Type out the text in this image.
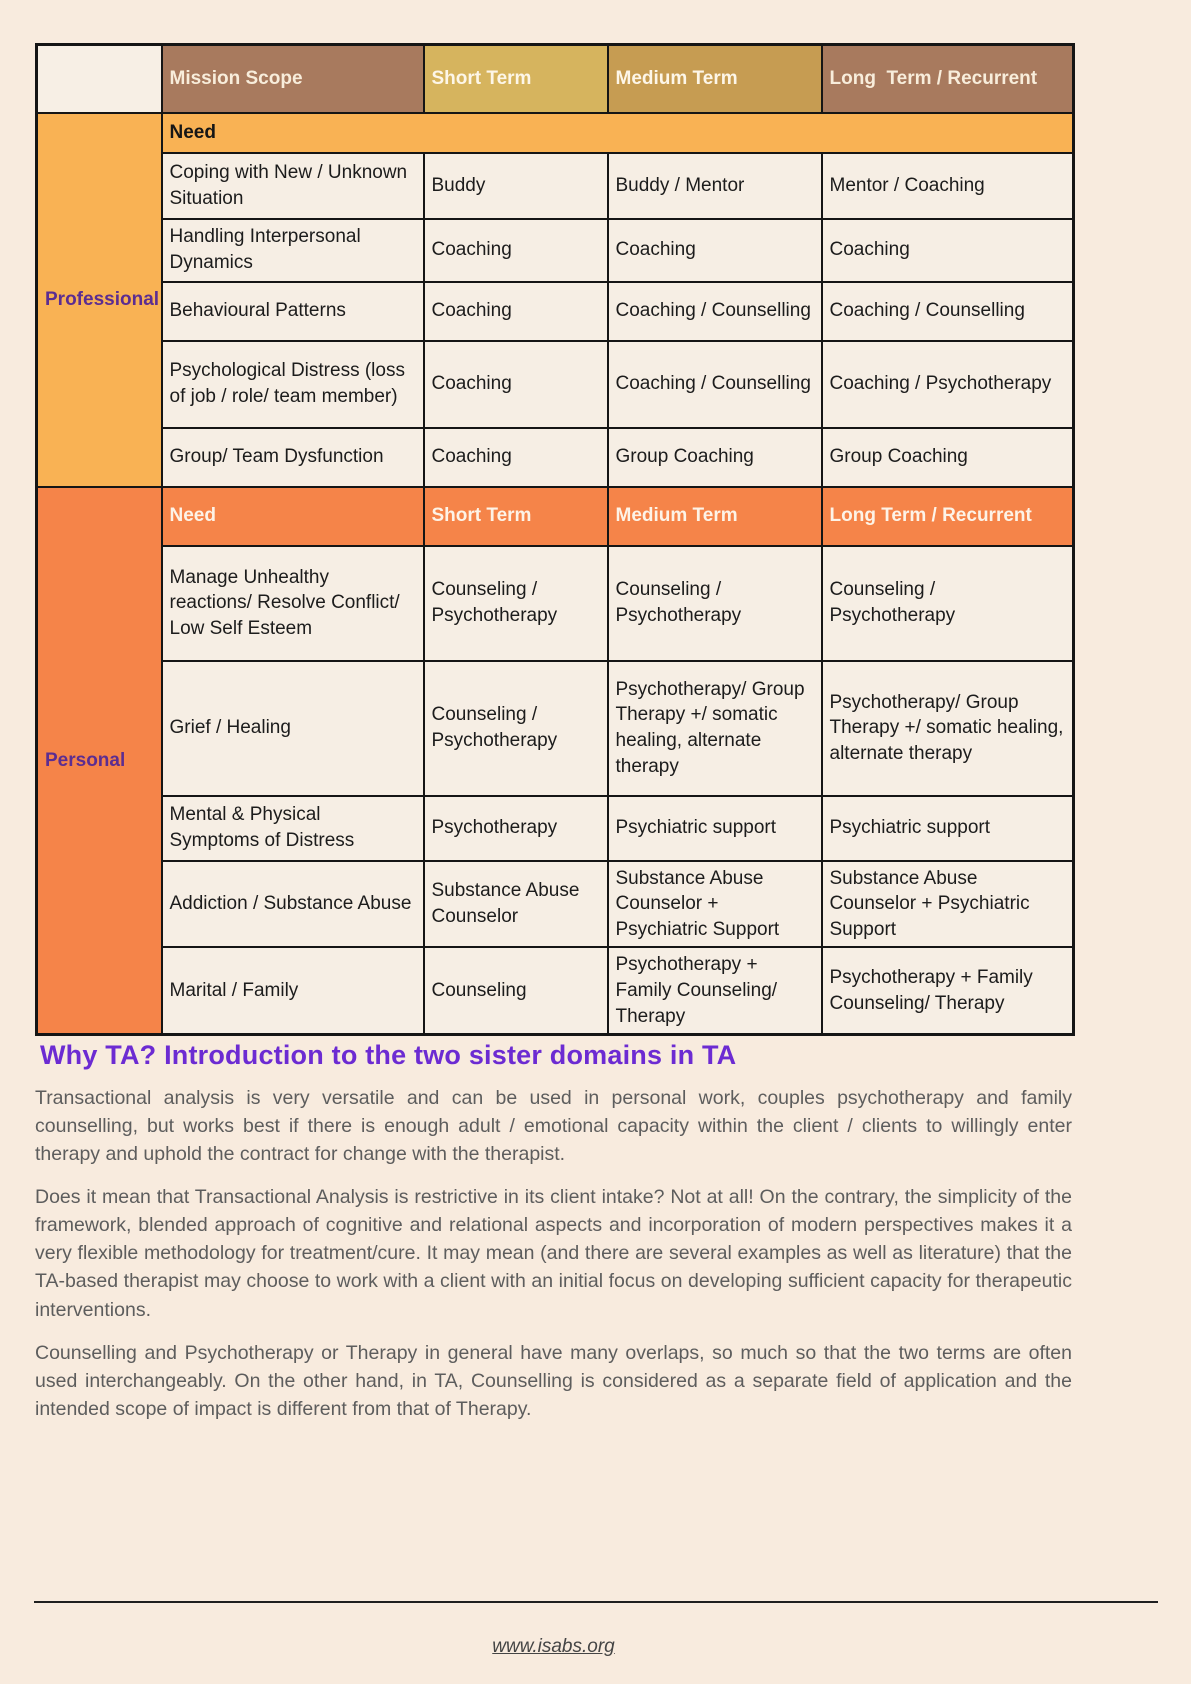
	Mission Scope	Short Term	Medium Term	Long  Term / Recurrent
Professional	Need			
	Coping with New / Unknown Situation	Buddy	Buddy / Mentor	Mentor / Coaching
	Handling Interpersonal Dynamics	Coaching	Coaching	Coaching
	Behavioural Patterns	Coaching	Coaching / Counselling	Coaching / Counselling
	Psychological Distress (loss of job / role/ team member)	Coaching	Coaching / Counselling	Coaching / Psychotherapy
	Group/ Team Dysfunction	Coaching	Group Coaching	Group Coaching
Personal	Need	Short Term	Medium Term	Long Term / Recurrent
	Manage Unhealthy reactions/ Resolve Conflict/ Low Self Esteem	Counseling / Psychotherapy	Counseling / Psychotherapy	Counseling / Psychotherapy
	Grief / Healing	Counseling / Psychotherapy	Psychotherapy/ Group Therapy +/ somatic healing, alternate therapy	Psychotherapy/ Group Therapy +/ somatic healing, alternate therapy
	Mental & Physical Symptoms of Distress	Psychotherapy	Psychiatric support	Psychiatric support
	Addiction / Substance Abuse	Substance Abuse Counselor	Substance Abuse Counselor + Psychiatric Support	Substance Abuse Counselor + Psychiatric Support
	Marital / Family	Counseling	Psychotherapy + Family Counseling/ Therapy	Psychotherapy + Family Counseling/ Therapy
Why TA? Introduction to the two sister domains in TA

Transactional analysis is very versatile and can be used in personal work, couples psychotherapy and family counselling, but works best if there is enough adult / emotional capacity within the client / clients to willingly enter therapy and uphold the contract for change with the therapist.

Does it mean that Transactional Analysis is restrictive in its client intake? Not at all! On the contrary, the simplicity of the framework, blended approach of cognitive and relational aspects and incorporation of modern perspectives makes it a very flexible methodology for treatment/cure. It may mean (and there are several examples as well as literature) that the TA-based therapist may choose to work with a client with an initial focus on developing sufficient capacity for therapeutic interventions.

Counselling and Psychotherapy or Therapy in general have many overlaps, so much so that the two terms are often used interchangeably. On the other hand, in TA, Counselling is considered as a separate field of application and the intended scope of impact is different from that of Therapy.

www.isabs.org
